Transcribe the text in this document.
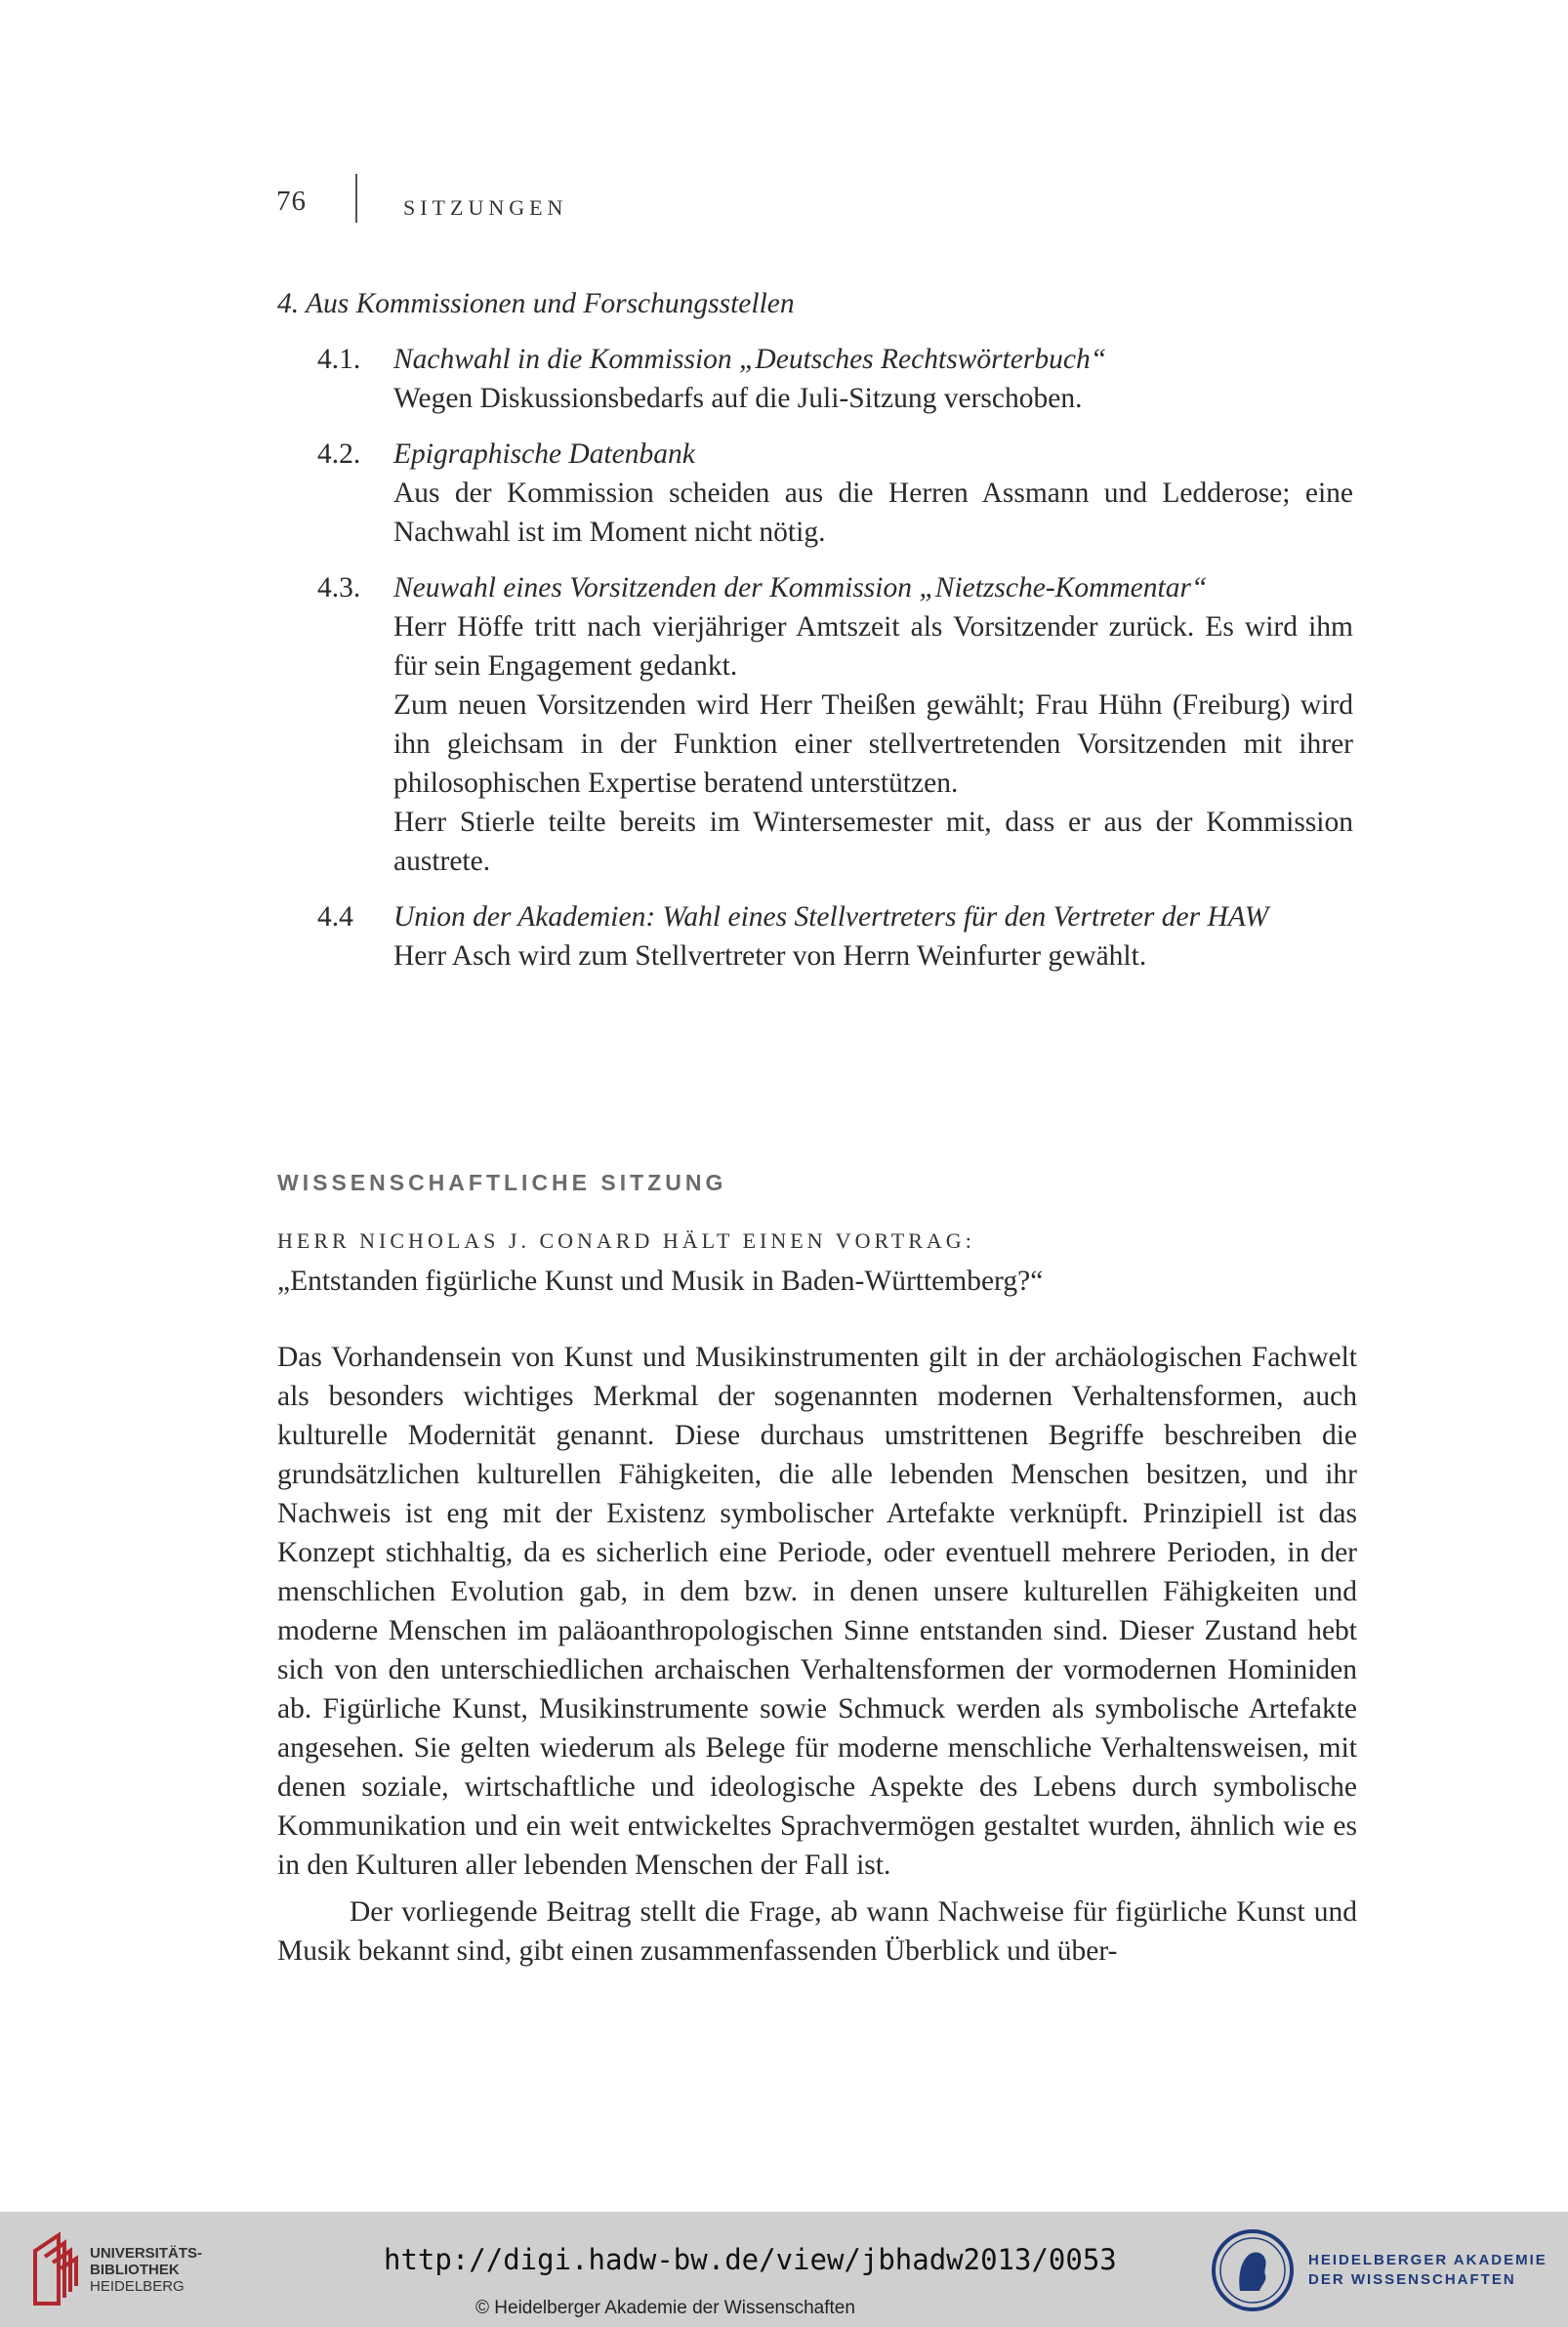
76	SITZUNGEN
4. Aus Kommissionen und Forschungsstellen
4.1.	Nachwahl in die Kommission „Deutsches Rechtswörterbuch“
Wegen Diskussionsbedarfs auf die Juli-Sitzung verschoben.
4.2.	Epigraphische Datenbank
Aus der Kommission scheiden aus die Herren Assmann und Ledderose; eine Nachwahl ist im Moment nicht nötig.
4.3.	Neuwahl eines Vorsitzenden der Kommission „Nietzsche-Kommentar“
Herr Höffe tritt nach vierjähriger Amtszeit als Vorsitzender zurück. Es wird ihm für sein Engagement gedankt.
Zum neuen Vorsitzenden wird Herr Theißen gewählt; Frau Hühn (Freiburg) wird ihn gleichsam in der Funktion einer stellvertretenden Vorsitzenden mit ihrer philosophischen Expertise beratend unterstützen.
Herr Stierle teilte bereits im Wintersemester mit, dass er aus der Kommission austrete.
4.4	Union der Akademien: Wahl eines Stellvertreters für den Vertreter der HAW
Herr Asch wird zum Stellvertreter von Herrn Weinfurter gewählt.
WISSENSCHAFTLICHE SITZUNG
HERR NICHOLAS J. CONARD HÄLT EINEN VORTRAG:
„Entstanden figürliche Kunst und Musik in Baden-Württemberg?“

Das Vorhandensein von Kunst und Musikinstrumenten gilt in der archäologischen Fachwelt als besonders wichtiges Merkmal der sogenannten modernen Verhaltensformen, auch kulturelle Modernität genannt. Diese durchaus umstrittenen Begriffe beschreiben die grundsätzlichen kulturellen Fähigkeiten, die alle lebenden Menschen besitzen, und ihr Nachweis ist eng mit der Existenz symbolischer Artefakte verknüpft. Prinzipiell ist das Konzept stichhaltig, da es sicherlich eine Periode, oder eventuell mehrere Perioden, in der menschlichen Evolution gab, in dem bzw. in denen unsere kulturellen Fähigkeiten und moderne Menschen im paläoanthropologischen Sinne entstanden sind. Dieser Zustand hebt sich von den unterschiedlichen archaischen Verhaltensformen der vormodernen Hominiden ab. Figürliche Kunst, Musikinstrumente sowie Schmuck werden als symbolische Artefakte angesehen. Sie gelten wiederum als Belege für moderne menschliche Verhaltensweisen, mit denen soziale, wirtschaftliche und ideologische Aspekte des Lebens durch symbolische Kommunikation und ein weit entwickeltes Sprachvermögen gestaltet wurden, ähnlich wie es in den Kulturen aller lebenden Menschen der Fall ist.

Der vorliegende Beitrag stellt die Frage, ab wann Nachweise für figürliche Kunst und Musik bekannt sind, gibt einen zusammenfassenden Überblick und über-

UNIVERSITÄTS-
BIBLIOTHEK
HEIDELBERG
http://digi.hadw-bw.de/view/jbhadw2013/0053
© Heidelberger Akademie der Wissenschaften
HEIDELBERGER AKADEMIE
DER WISSENSCHAFTEN
